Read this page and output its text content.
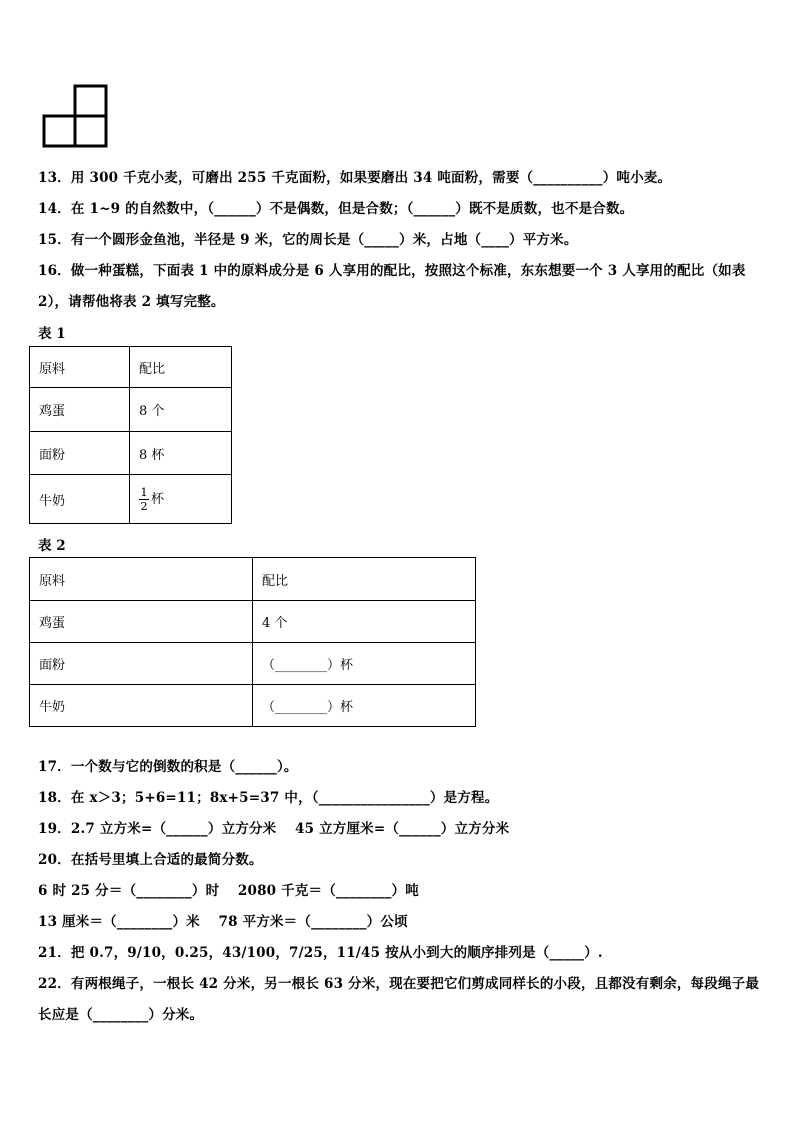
13．用 300 千克小麦，可磨出 255 千克面粉，如果要磨出 34 吨面粉，需要（__________）吨小麦。
14．在 1~9 的自然数中，（______）不是偶数，但是合数；（______）既不是质数，也不是合数。
15．有一个圆形金鱼池，半径是 9 米，它的周长是（_____）米，占地（____）平方米。
16．做一种蛋糕，下面表 1 中的原料成分是 6 人享用的配比，按照这个标准，东东想要一个 3 人享用的配比（如表
2），请帮他将表 2 填写完整。
表 1
原料	配比
鸡蛋	8 个
面粉	8 杯
牛奶	$\frac{1}{2}$ 杯
表 2
原料	配比
鸡蛋	4 个
面粉	（________）杯
牛奶	（________）杯
17．一个数与它的倒数的积是（______）。
18．在 x＞3；5+6=11；8x+5=37 中，（________________）是方程。
19．2.7 立方米=（______）立方分米　 45 立方厘米=（______）立方分米
20．在括号里填上合适的最简分数。
6 时 25 分＝（________）时　 2080 千克＝（________）吨
13 厘米＝（________）米　 78 平方米＝（________）公顷
21．把 0.7，9/10，0.25，43/100，7/25，11/45 按从小到大的顺序排列是（_____）.
22．有两根绳子，一根长 42 分米，另一根长 63 分米，现在要把它们剪成同样长的小段，且都没有剩余，每段绳子最
长应是（________）分米。
